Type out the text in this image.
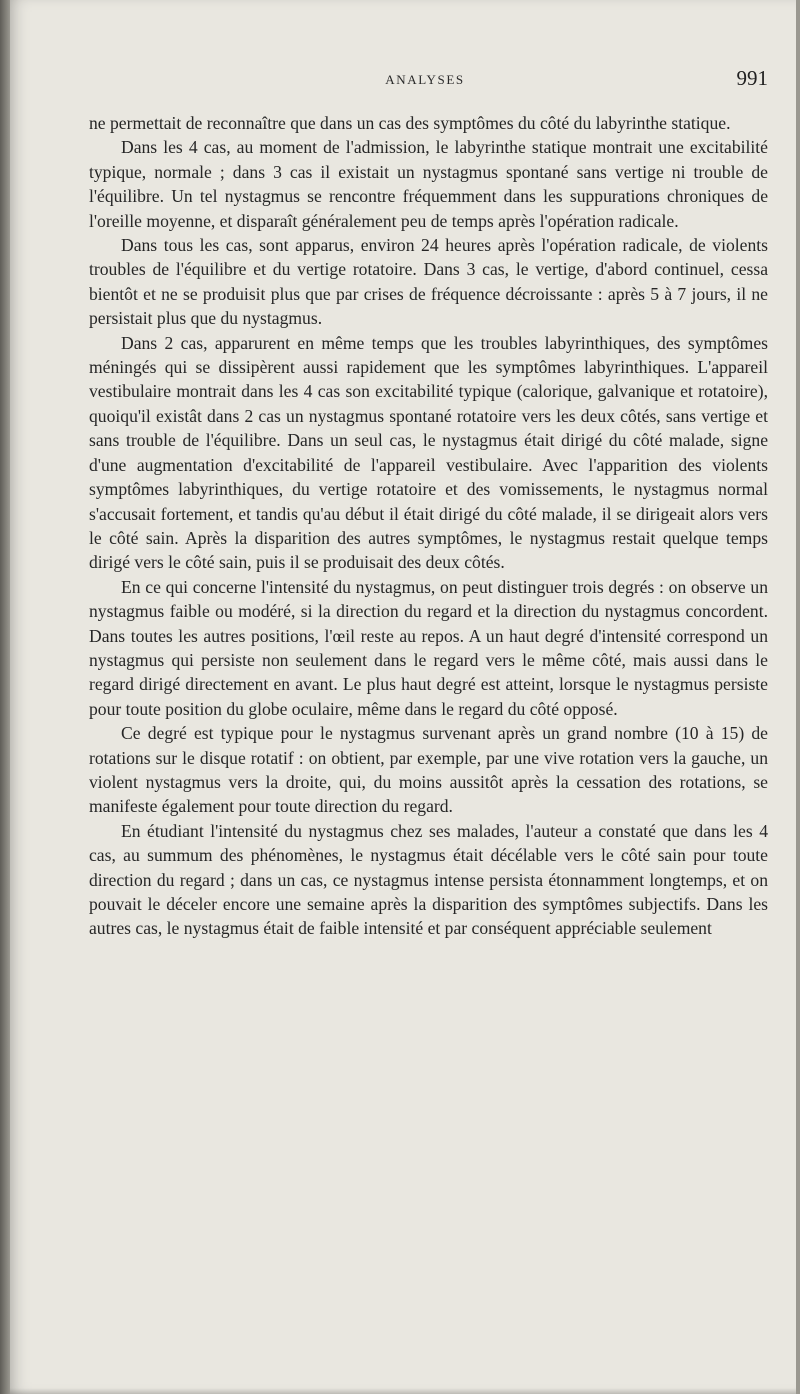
ANALYSES	991

ne permettait de reconnaître que dans un cas des symptômes du côté du labyrinthe statique.

Dans les 4 cas, au moment de l'admission, le labyrinthe statique montrait une excitabilité typique, normale ; dans 3 cas il existait un nystagmus spontané sans vertige ni trouble de l'équilibre. Un tel nystagmus se rencontre fréquemment dans les suppurations chroniques de l'oreille moyenne, et disparaît généralement peu de temps après l'opération radicale.

Dans tous les cas, sont apparus, environ 24 heures après l'opération radicale, de violents troubles de l'équilibre et du vertige rotatoire. Dans 3 cas, le vertige, d'abord continuel, cessa bientôt et ne se produisit plus que par crises de fréquence décroissante : après 5 à 7 jours, il ne persistait plus que du nystagmus.

Dans 2 cas, apparurent en même temps que les troubles labyrinthiques, des symptômes méningés qui se dissipèrent aussi rapidement que les symptômes labyrinthiques. L'appareil vestibulaire montrait dans les 4 cas son excitabilité typique (calorique, galvanique et rotatoire), quoiqu'il existât dans 2 cas un nystagmus spontané rotatoire vers les deux côtés, sans vertige et sans trouble de l'équilibre. Dans un seul cas, le nystagmus était dirigé du côté malade, signe d'une augmentation d'excitabilité de l'appareil vestibulaire. Avec l'apparition des violents symptômes labyrinthiques, du vertige rotatoire et des vomissements, le nystagmus normal s'accusait fortement, et tandis qu'au début il était dirigé du côté malade, il se dirigeait alors vers le côté sain. Après la disparition des autres symptômes, le nystagmus restait quelque temps dirigé vers le côté sain, puis il se produisait des deux côtés.

En ce qui concerne l'intensité du nystagmus, on peut distinguer trois degrés : on observe un nystagmus faible ou modéré, si la direction du regard et la direction du nystagmus concordent. Dans toutes les autres positions, l'œil reste au repos. A un haut degré d'intensité correspond un nystagmus qui persiste non seulement dans le regard vers le même côté, mais aussi dans le regard dirigé directement en avant. Le plus haut degré est atteint, lorsque le nystagmus persiste pour toute position du globe oculaire, même dans le regard du côté opposé.

Ce degré est typique pour le nystagmus survenant après un grand nombre (10 à 15) de rotations sur le disque rotatif : on obtient, par exemple, par une vive rotation vers la gauche, un violent nystagmus vers la droite, qui, du moins aussitôt après la cessation des rotations, se manifeste également pour toute direction du regard.

En étudiant l'intensité du nystagmus chez ses malades, l'auteur a constaté que dans les 4 cas, au summum des phénomènes, le nystagmus était décélable vers le côté sain pour toute direction du regard ; dans un cas, ce nystagmus intense persista étonnamment longtemps, et on pouvait le déceler encore une semaine après la disparition des symptômes subjectifs. Dans les autres cas, le nystagmus était de faible intensité et par conséquent appréciable seulement
